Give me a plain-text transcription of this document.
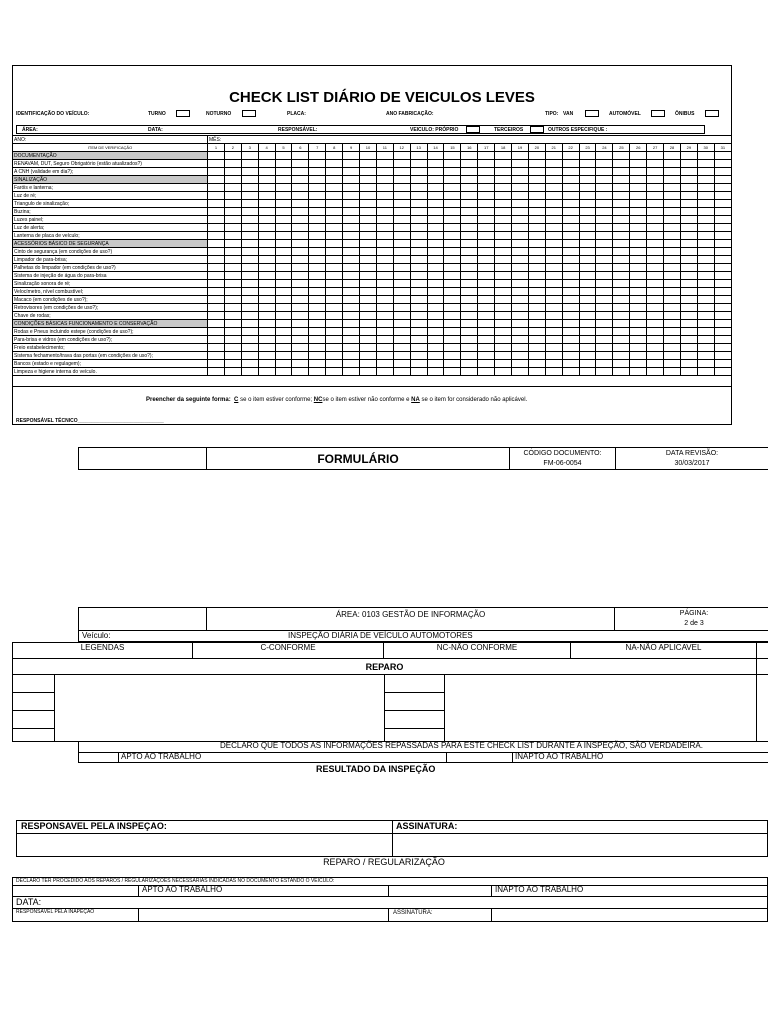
CHECK LIST DIÁRIO DE VEICULOS LEVES
IDENTIFICAÇÃO DO VEÍCULO:	TURNO	NOTURNO	PLACA:	ANO FABRICAÇÃO:	TIPO: VAN	AUTOMÓVEL	ÔNIBUS
ÁREA:	DATA:	RESPONSÁVEL:	VEICULO: PRÓPRIO	TERCEIROS	OUTROS ESPECIFIQUE :
ANO:	MÊS:																														
ITEM DE VERIFICAÇÃO	1	2	3	4	5	6	7	8	9	10	11	12	13	14	15	16	17	18	19	20	21	22	23	24	25	26	27	28	29	30	31
DOCUMENTAÇÃO																															
RENAVAM, DUT, Seguro Obrigatório (estão atualizados?)																															
A CNH (validade em dia?);																															
SINALIZAÇÃO																															
Faróis e lanterna;																															
Luz de ré;																															
Triangulo de sinalização;																															
Buzina;																															
Luzes painel;																															
Luz de alerta;																															
Lanterna de placa de veículo;																															
ACESSÓRIOS BÁSICO DE SEGURANÇA																															
Cinto de segurança (em condições de uso?)																															
Limpador de para-brisa;																															
Palhetas do limpador (em condições de uso?)																															
Sistema de injeção de água do para-brisa																															
Sinalização sonora de ré;																															
Velocímetro, nível combustível;																															
Macaco (em condições de uso?);																															
Retrovisores (em condições de uso?);																															
Chave de rodas;																															
CONDIÇÕES BÁSICAS FUNCIONAMENTO E CONSERVAÇÃO																															
Rodas e Pneus incluindo estepe (condições de uso?);																															
Para-brisa e vidros (em condições de uso?);																															
Freio estabelecimento;																															
Sistema fechamento/trava das portas (em condições de uso?);																															
Bancos (estado e regulagem);																															
Limpeza e higiene interna do veículo.																															

Preencher da seguinte forma: C se o item estiver conforme; NCse o item estiver não conforme e NA se o item for considerado não aplicável.
RESPONSÁVEL TÉCNICO_______________________________
FORMULÁRIO	CÓDIGO DOCUMENTO:
FM-06-0054
DATA REVISÃO:
30/03/2017
ÁREA: 0103 GESTÃO DE INFORMAÇÃO	PÁGINA:
2 de 3
Veículo:	INSPEÇÃO DIÁRIA DE VEÍCULO AUTOMOTORES
LEGENDAS	C-CONFORME	NC-NÃO CONFORME	NA-NÃO APLICAVEL
REPARO
DECLARO QUE TODOS AS INFORMAÇÕES REPASSADAS PARA ESTE CHECK LIST DURANTE A INSPEÇÃO, SÃO VERDADEIRA.
APTO AO TRABALHO	INAPTO AO TRABALHO
RESULTADO DA INSPEÇÃO
RESPONSAVEL PELA INSPEÇAO:	ASSINATURA:
REPARO / REGULARIZAÇÃO
DECLARO TER PROCEDIDO AOS REPAROS / REGULARIZAÇÕES NECESSARIAS INDICADAS NO DOCUMENTO ESTANDO O VEÍCULO:
APTO AO TRABALHO	INAPTO AO TRABALHO
DATA:
RESPONSÁVEL PELA INAPEÇÃO	ASSINATURA:
